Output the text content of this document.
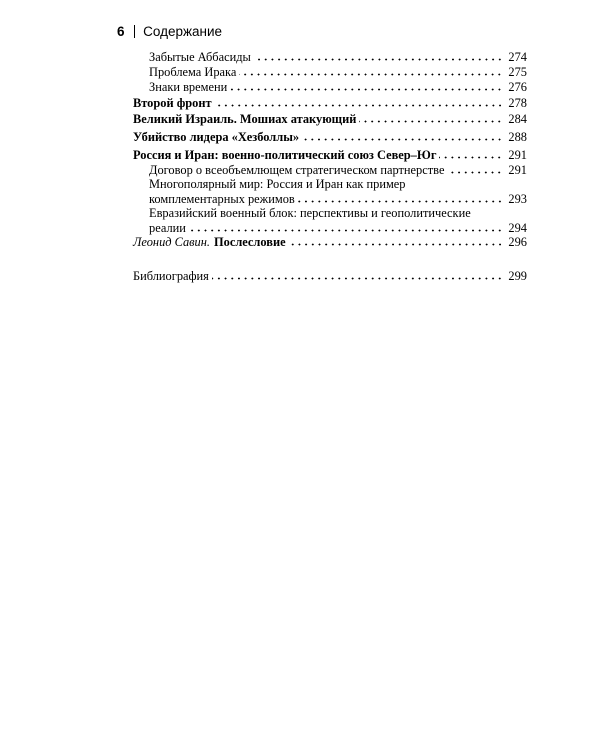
6 Содержание
Забытые Аббасиды	274
Проблема Ирака	275
Знаки времени	276
Второй фронт	278
Великий Израиль. Мошиах атакующий	284
Убийство лидера «Хезболлы»	288
Россия и Иран: военно-политический союз Север–Юг	291
Договор о всеобъемлющем стратегическом партнерстве	291
Многополярный мир: Россия и Иран как пример
комплементарных режимов	293
Евразийский военный блок: перспективы и геополитические
реалии	294
Леонид Савин. Послесловие	296
Библиография	299
